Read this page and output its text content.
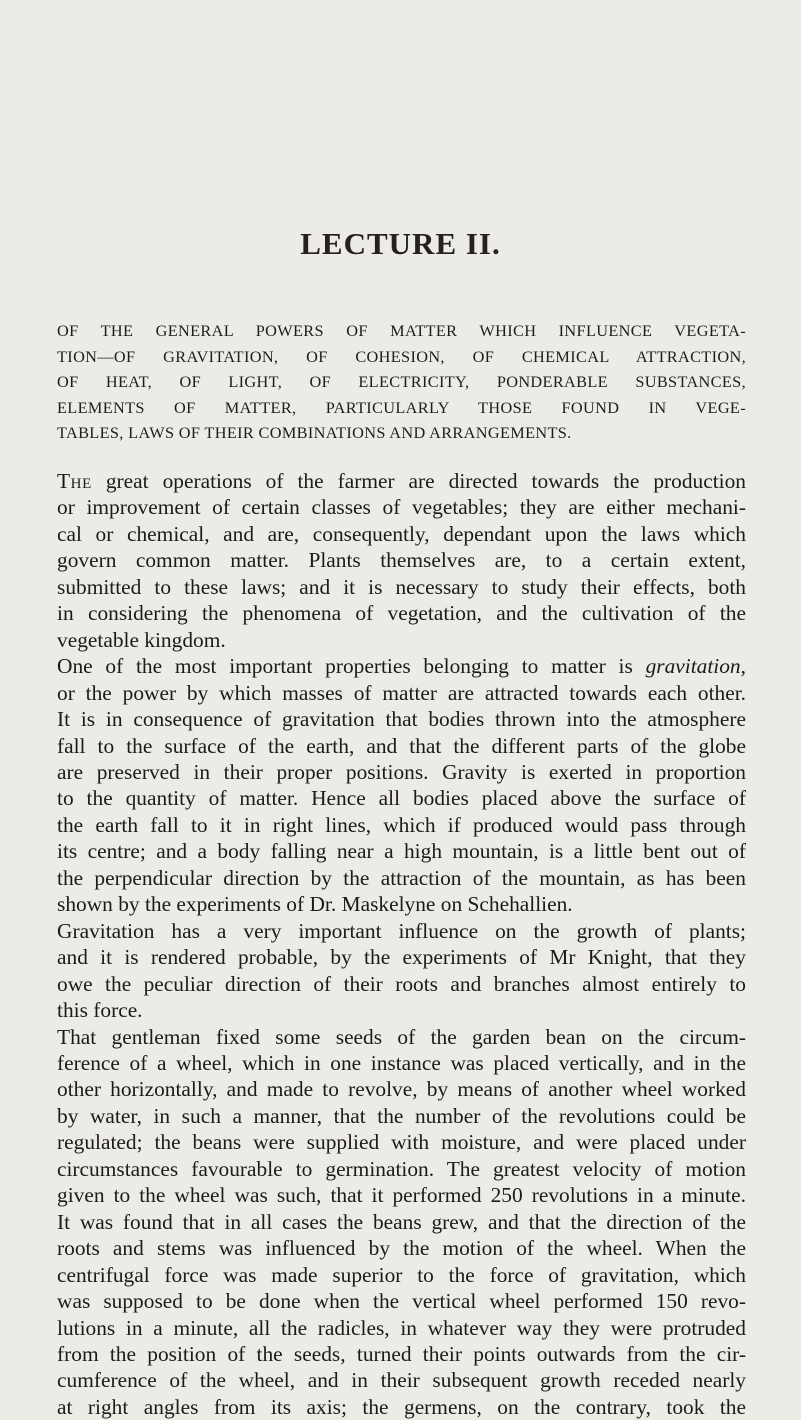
LECTURE II.
OF THE GENERAL POWERS OF MATTER WHICH INFLUENCE VEGETA-
TION—OF GRAVITATION, OF COHESION, OF CHEMICAL ATTRACTION,
OF HEAT, OF LIGHT, OF ELECTRICITY, PONDERABLE SUBSTANCES,
ELEMENTS OF MATTER, PARTICULARLY THOSE FOUND IN VEGE-
TABLES, LAWS OF THEIR COMBINATIONS AND ARRANGEMENTS.
The great operations of the farmer are directed towards the production
or improvement of certain classes of vegetables; they are either mechani-
cal or chemical, and are, consequently, dependant upon the laws which
govern common matter. Plants themselves are, to a certain extent,
submitted to these laws; and it is necessary to study their effects, both
in considering the phenomena of vegetation, and the cultivation of the
vegetable kingdom.
One of the most important properties belonging to matter is gravitation,
or the power by which masses of matter are attracted towards each other.
It is in consequence of gravitation that bodies thrown into the atmosphere
fall to the surface of the earth, and that the different parts of the globe
are preserved in their proper positions. Gravity is exerted in proportion
to the quantity of matter. Hence all bodies placed above the surface of
the earth fall to it in right lines, which if produced would pass through
its centre; and a body falling near a high mountain, is a little bent out of
the perpendicular direction by the attraction of the mountain, as has been
shown by the experiments of Dr. Maskelyne on Schehallien.
Gravitation has a very important influence on the growth of plants;
and it is rendered probable, by the experiments of Mr Knight, that they
owe the peculiar direction of their roots and branches almost entirely to
this force.
That gentleman fixed some seeds of the garden bean on the circum-
ference of a wheel, which in one instance was placed vertically, and in the
other horizontally, and made to revolve, by means of another wheel worked
by water, in such a manner, that the number of the revolutions could be
regulated; the beans were supplied with moisture, and were placed under
circumstances favourable to germination. The greatest velocity of motion
given to the wheel was such, that it performed 250 revolutions in a minute.
It was found that in all cases the beans grew, and that the direction of the
roots and stems was influenced by the motion of the wheel. When the
centrifugal force was made superior to the force of gravitation, which
was supposed to be done when the vertical wheel performed 150 revo-
lutions in a minute, all the radicles, in whatever way they were protruded
from the position of the seeds, turned their points outwards from the cir-
cumference of the wheel, and in their subsequent growth receded nearly
at right angles from its axis; the germens, on the contrary, took the
